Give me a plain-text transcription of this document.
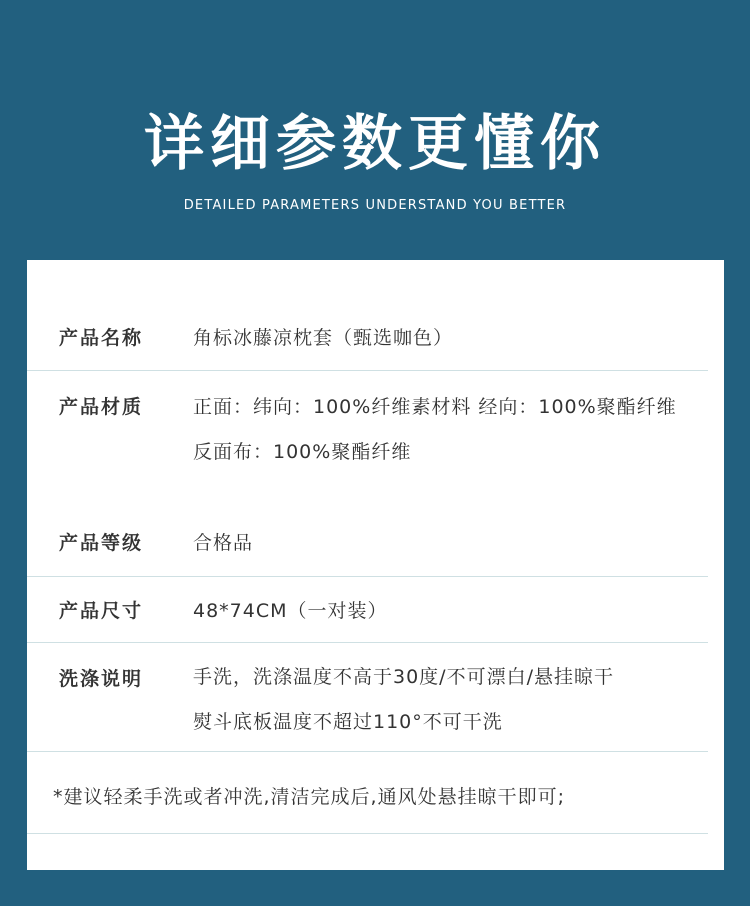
详细参数更懂你
DETAILED PARAMETERS UNDERSTAND YOU BETTER
产品名称	角标冰藤凉枕套（甄选咖色）
产品材质	正面：纬向：100%纤维素材料 经向：100%聚酯纤维
反面布：100%聚酯纤维
产品等级	合格品
产品尺寸	48*74CM（一对装）
洗涤说明	手洗，洗涤温度不高于30度/不可漂白/悬挂晾干
熨斗底板温度不超过110°不可干洗
*建议轻柔手洗或者冲洗,清洁完成后,通风处悬挂晾干即可;
